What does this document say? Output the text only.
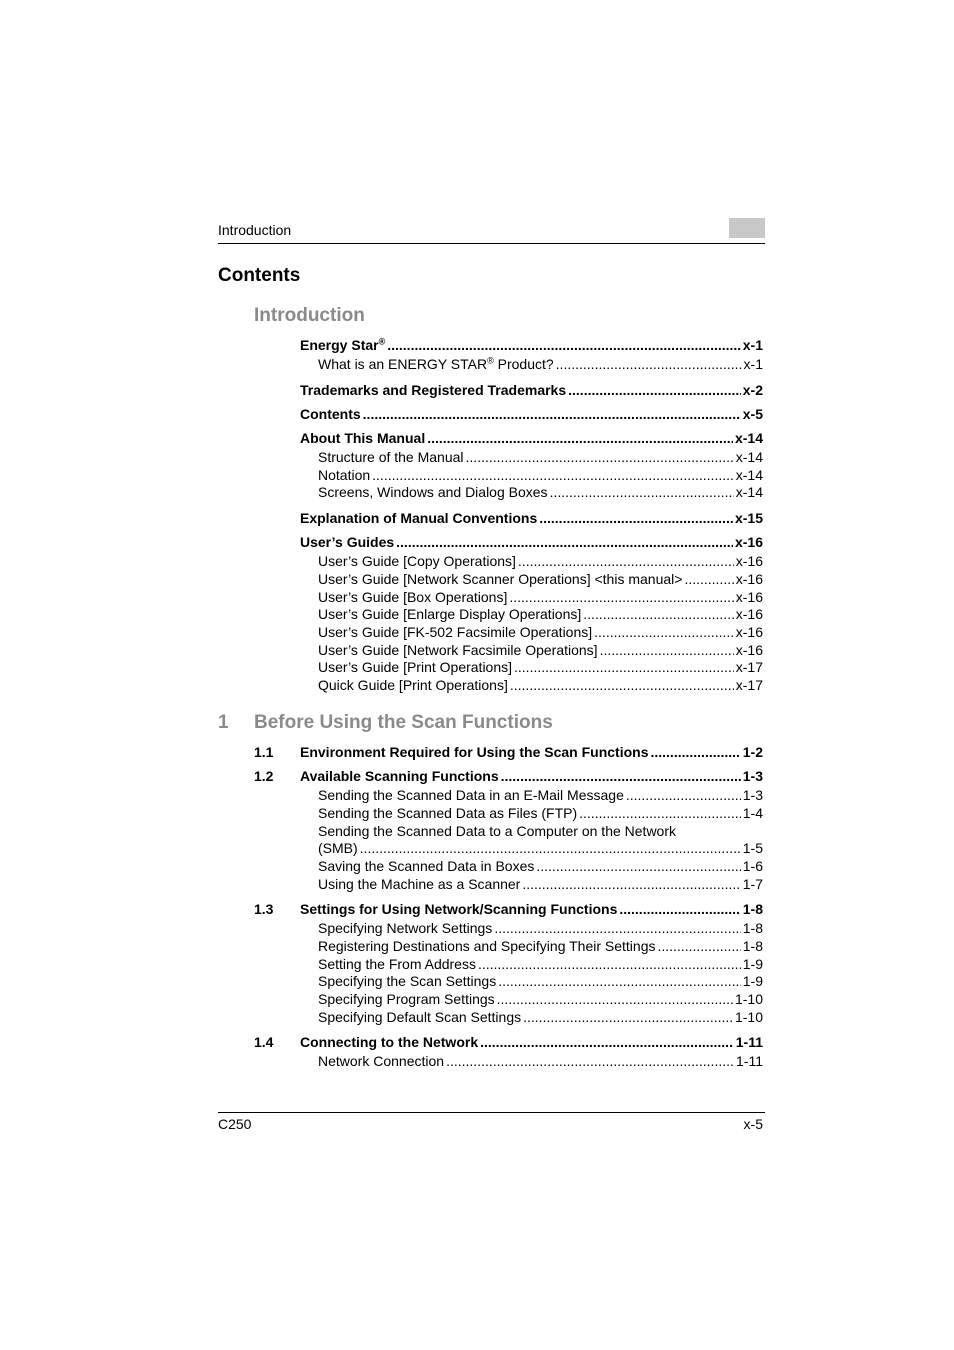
Introduction
Contents
Introduction
Energy Star® .....	x-1
What is an ENERGY STAR® Product? .....	x-1
Trademarks and Registered Trademarks .....	x-2
Contents .....	x-5
About This Manual .....	x-14
Structure of the Manual .....	x-14
Notation .....	x-14
Screens, Windows and Dialog Boxes .....	x-14
Explanation of Manual Conventions .....	x-15
User’s Guides .....	x-16
User’s Guide [Copy Operations] .....	x-16
User’s Guide [Network Scanner Operations] <this manual> .....	x-16
User’s Guide [Box Operations] .....	x-16
User’s Guide [Enlarge Display Operations] .....	x-16
User’s Guide [FK-502 Facsimile Operations] .....	x-16
User’s Guide [Network Facsimile Operations] .....	x-16
User’s Guide [Print Operations] .....	x-17
Quick Guide [Print Operations] .....	x-17
1 Before Using the Scan Functions
1.1 Environment Required for Using the Scan Functions .....	1-2
1.2 Available Scanning Functions .....	1-3
Sending the Scanned Data in an E-Mail Message .....	1-3
Sending the Scanned Data as Files (FTP) .....	1-4
Sending the Scanned Data to a Computer on the Network
(SMB) .....	1-5
Saving the Scanned Data in Boxes .....	1-6
Using the Machine as a Scanner .....	1-7
1.3 Settings for Using Network/Scanning Functions .....	1-8
Specifying Network Settings .....	1-8
Registering Destinations and Specifying Their Settings .....	1-8
Setting the From Address .....	1-9
Specifying the Scan Settings .....	1-9
Specifying Program Settings .....	1-10
Specifying Default Scan Settings .....	1-10
1.4 Connecting to the Network .....	1-11
Network Connection .....	1-11
C250	x-5
